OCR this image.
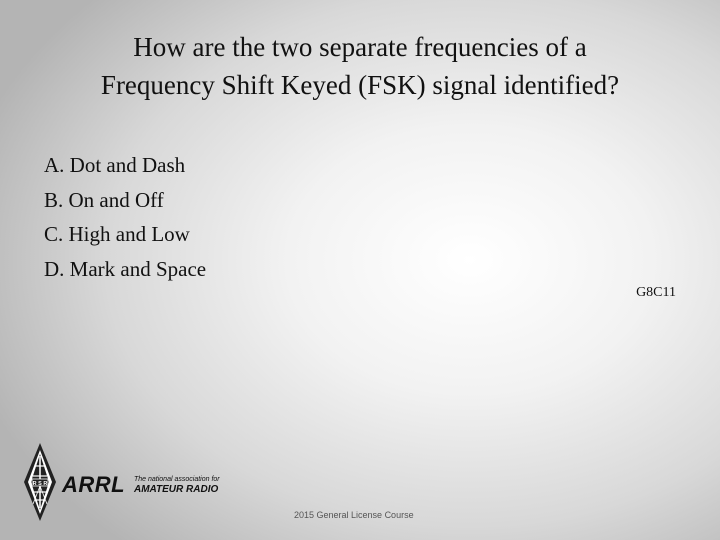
How are the two separate frequencies of a
Frequency Shift Keyed (FSK) signal identified?
A. Dot and Dash
B. On and Off
C. High and Low
D. Mark and Space
G8C11
R S R ARRL The national association for
AMATEUR RADIO
2015 General License Course
